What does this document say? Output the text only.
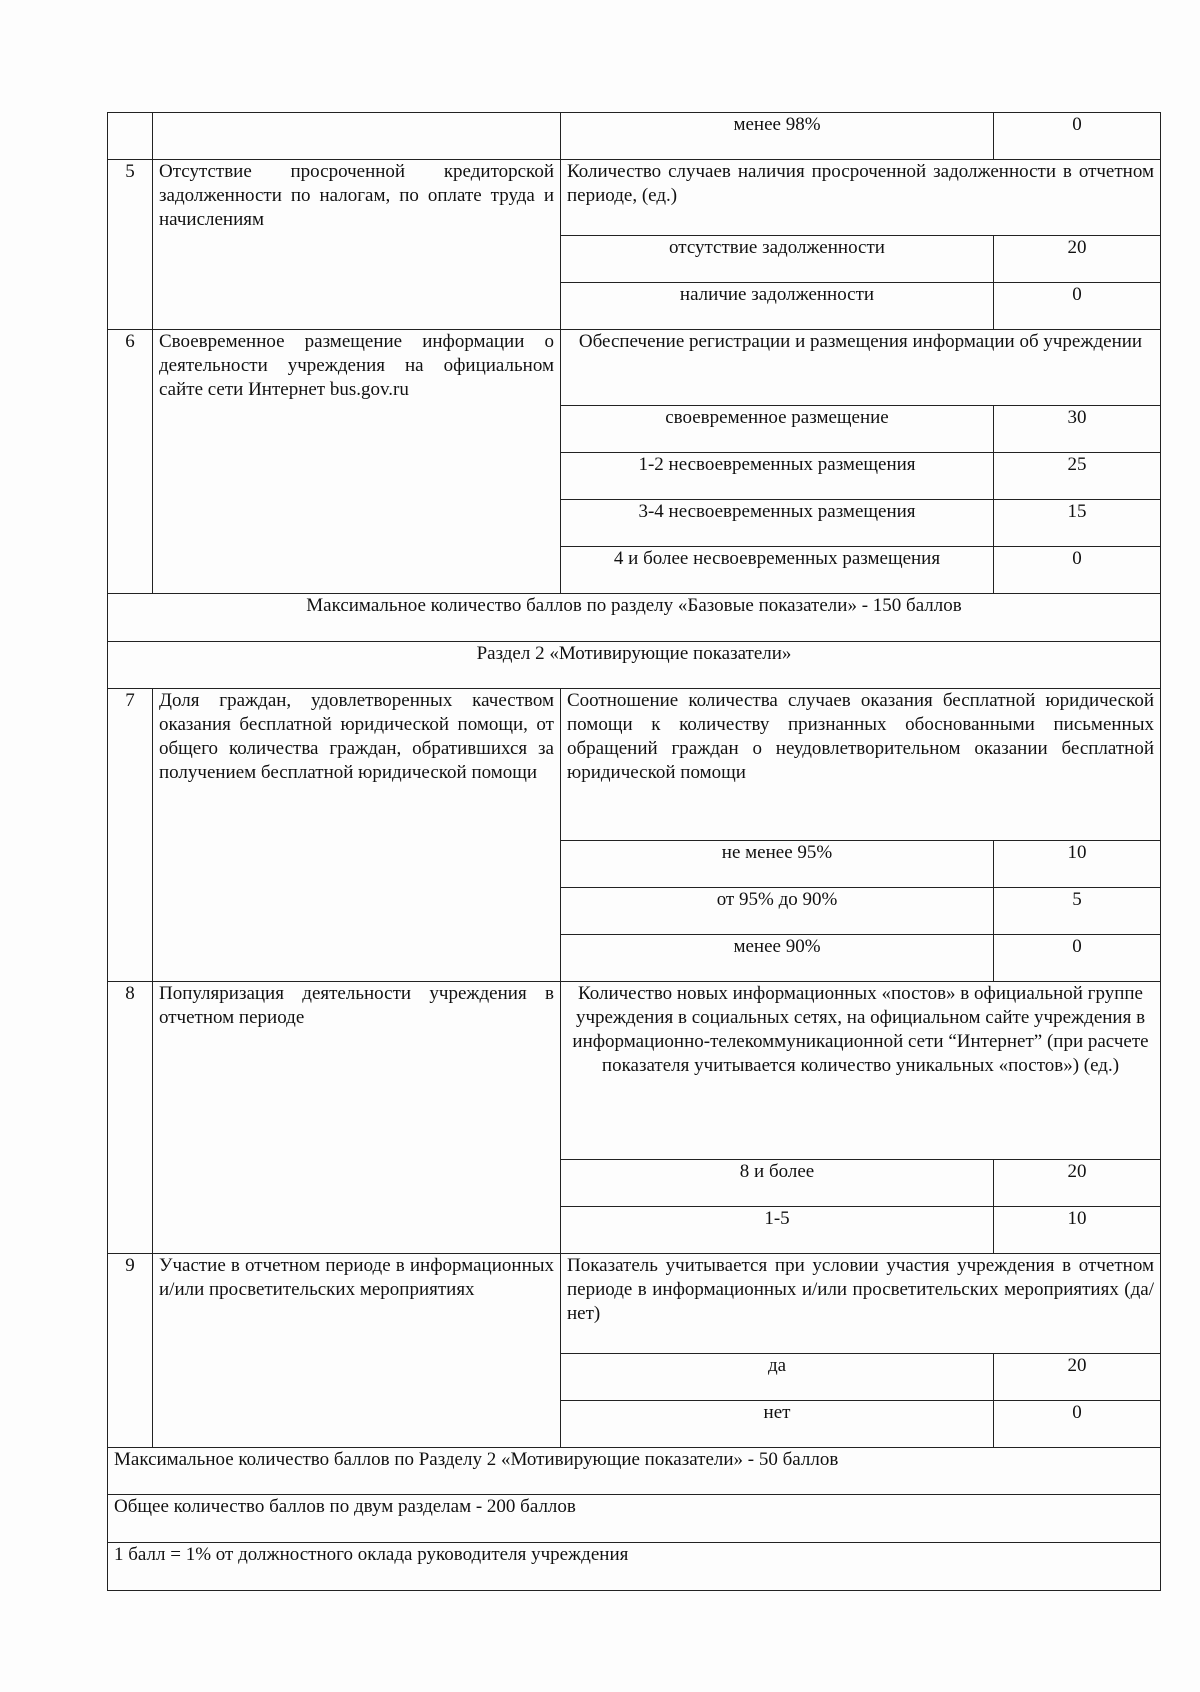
		менее 98%	0
5	Отсутствие просроченной кредиторской задолженности по налогам, по оплате труда и начислениям	Количество случаев наличия просроченной задолженности в отчетном периоде, (ед.)	
		отсутствие задолженности	20
		наличие задолженности	0
6	Своевременное размещение информации о деятельности учреждения на официальном сайте сети Интернет bus.gov.ru	Обеспечение регистрации и размещения информации об учреждении	
		своевременное размещение	30
		1-2 несвоевременных размещения	25
		3-4 несвоевременных размещения	15
		4 и более несвоевременных размещения	0
Максимальное количество баллов по разделу «Базовые показатели» - 150 баллов			
Раздел 2 «Мотивирующие показатели»			
7	Доля граждан, удовлетворенных качеством оказания бесплатной юридической помощи, от общего количества граждан, обратившихся за получением бесплатной юридической помощи	Соотношение количества случаев оказания бесплатной юридической помощи к количеству признанных обоснованными письменных обращений граждан о неудовлетворительном оказании бесплатной юридической помощи	
		не менее 95%	10
		от 95% до 90%	5
		менее 90%	0
8	Популяризация деятельности учреждения в отчетном периоде	Количество новых информационных «постов» в официальной группе учреждения в социальных сетях, на официальном сайте учреждения в информационно-телекоммуникационной сети “Интернет” (при расчете показателя учитывается количество уникальных «постов») (ед.)	
		8 и более	20
		1-5	10
9	Участие в отчетном периоде в информационных и/или просветительских мероприятиях	Показатель учитывается при условии участия учреждения в отчетном периоде в информационных и/или просветительских мероприятиях (да/нет)	
		да	20
		нет	0
Максимальное количество баллов по Разделу 2 «Мотивирующие показатели» - 50 баллов			
Общее количество баллов по двум разделам - 200 баллов			
1 балл = 1% от должностного оклада руководителя учреждения			
